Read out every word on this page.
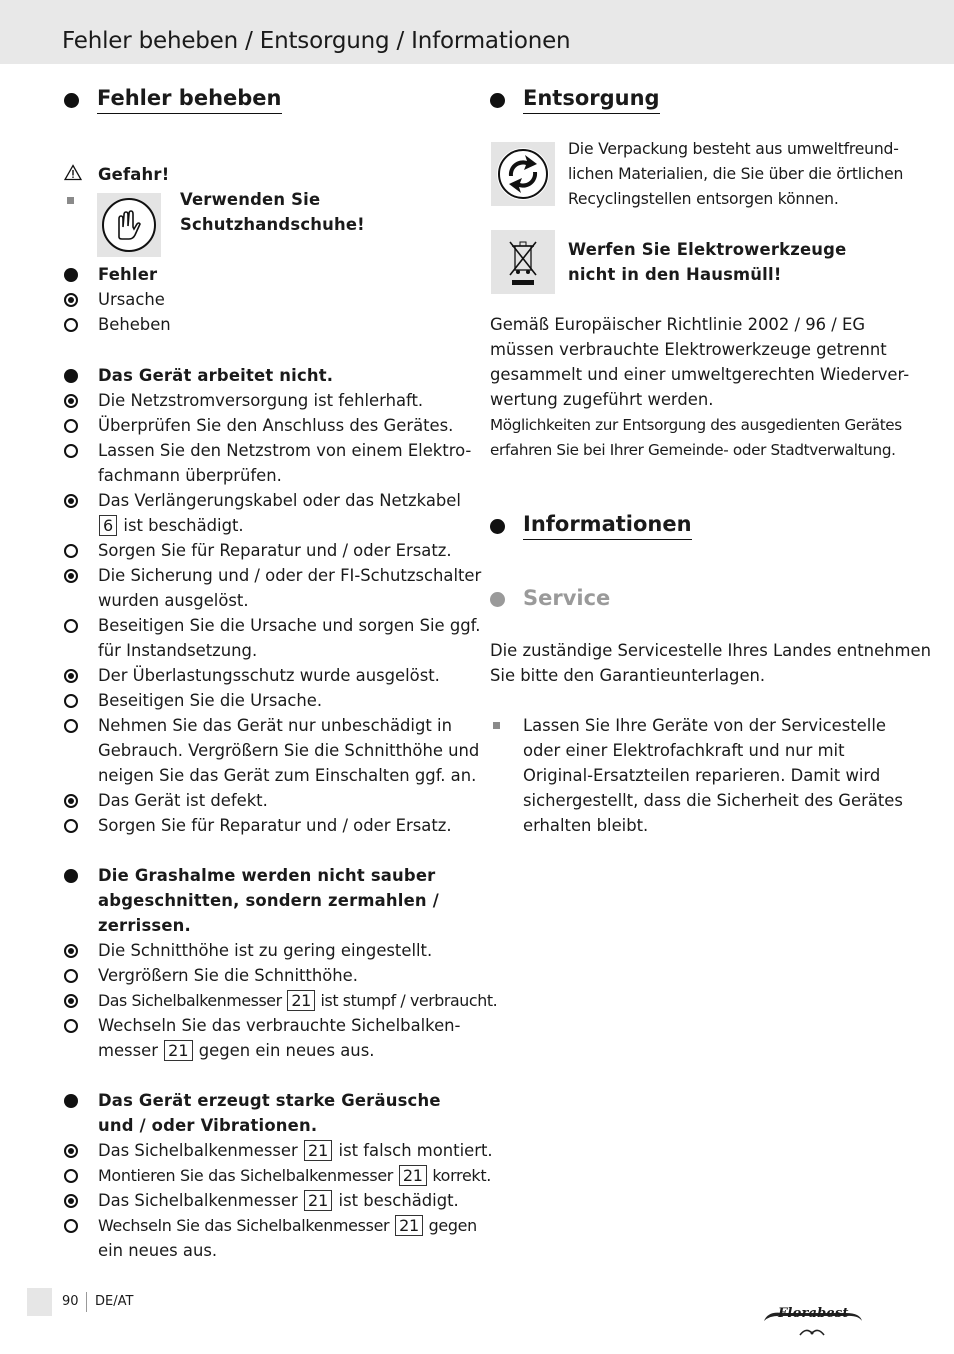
Fehler beheben / Entsorgung / Informationen
Fehler beheben
Gefahr!
Verwenden Sie
Schutzhandschuhe!
Fehler
Ursache
Beheben
Das Gerät arbeitet nicht.
Die Netzstromversorgung ist fehlerhaft.
Überprüfen Sie den Anschluss des Gerätes.
Lassen Sie den Netzstrom von einem Elektro-
fachmann überprüfen.
Das Verlängerungskabel oder das Netzkabel
6 ist beschädigt.
Sorgen Sie für Reparatur und / oder Ersatz.
Die Sicherung und / oder der FI-Schutzschalter
wurden ausgelöst.
Beseitigen Sie die Ursache und sorgen Sie ggf.
für Instandsetzung.
Der Überlastungsschutz wurde ausgelöst.
Beseitigen Sie die Ursache.
Nehmen Sie das Gerät nur unbeschädigt in
Gebrauch. Vergrößern Sie die Schnitthöhe und
neigen Sie das Gerät zum Einschalten ggf. an.
Das Gerät ist defekt.
Sorgen Sie für Reparatur und / oder Ersatz.
Die Grashalme werden nicht sauber
abgeschnitten, sondern zermahlen /
zerrissen.
Die Schnitthöhe ist zu gering eingestellt.
Vergrößern Sie die Schnitthöhe.
Das Sichelbalkenmesser 21 ist stumpf / verbraucht.
Wechseln Sie das verbrauchte Sichelbalken-
messer 21 gegen ein neues aus.
Das Gerät erzeugt starke Geräusche
und / oder Vibrationen.
Das Sichelbalkenmesser 21 ist falsch montiert.
Montieren Sie das Sichelbalkenmesser 21 korrekt.
Das Sichelbalkenmesser 21 ist beschädigt.
Wechseln Sie das Sichelbalkenmesser 21 gegen
ein neues aus.
Entsorgung
Die Verpackung besteht aus umweltfreund-
lichen Materialien, die Sie über die örtlichen
Recyclingstellen entsorgen können.
Werfen Sie Elektrowerkzeuge
nicht in den Hausmüll!
Gemäß Europäischer Richtlinie 2002 / 96 / EG
müssen verbrauchte Elektrowerkzeuge getrennt
gesammelt und einer umweltgerechten Wiederver-
wertung zugeführt werden.
Möglichkeiten zur Entsorgung des ausgedienten Gerätes
erfahren Sie bei Ihrer Gemeinde- oder Stadtverwaltung.
Informationen
Service
Die zuständige Servicestelle Ihres Landes entnehmen
Sie bitte den Garantieunterlagen.
Lassen Sie Ihre Geräte von der Servicestelle
oder einer Elektrofachkraft und nur mit
Original-Ersatzteilen reparieren. Damit wird
sichergestellt, dass die Sicherheit des Gerätes
erhalten bleibt.
90 DE/AT
Florabest
